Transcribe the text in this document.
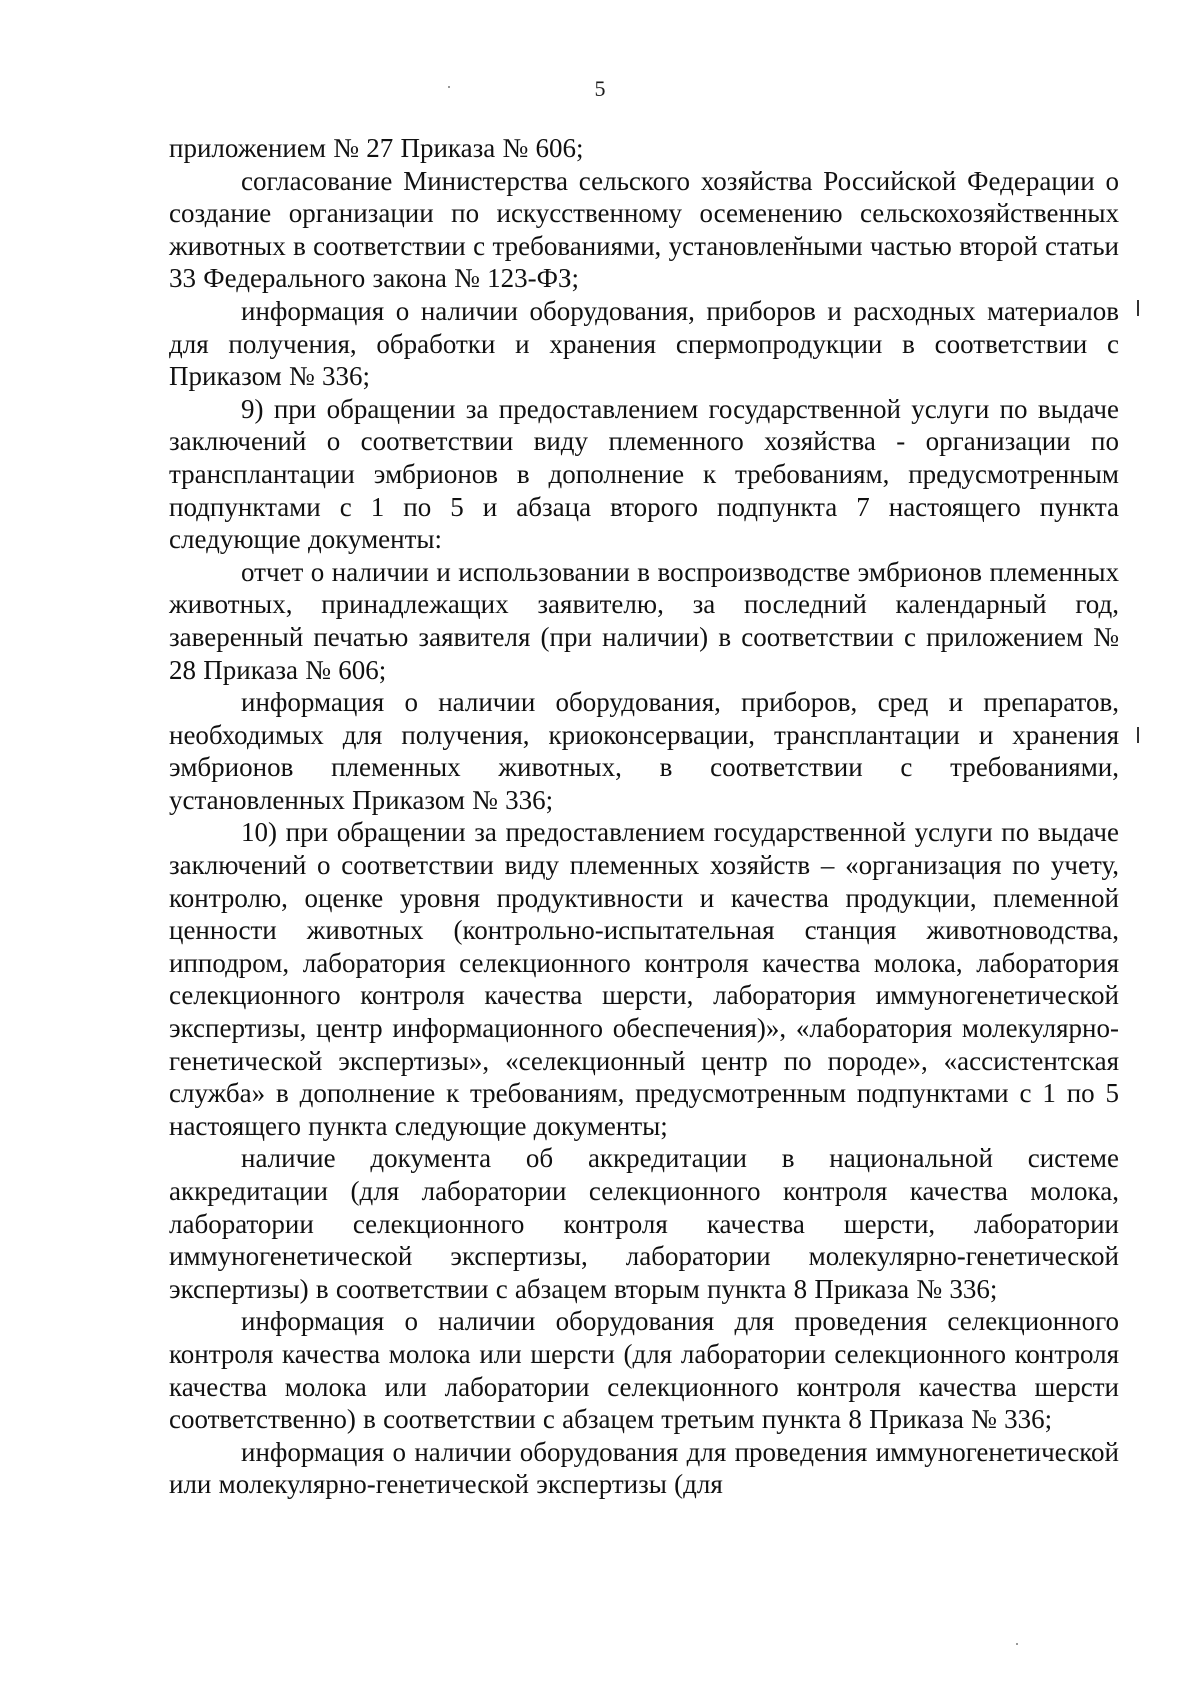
5

приложением № 27 Приказа № 606;

согласование Министерства сельского хозяйства Российской Федерации о создание организации по искусственному осеменению сельскохозяйственных животных в соответствии с требованиями, установлен̆ными частью второй статьи 33 Федерального закона № 123-ФЗ;

информация о наличии оборудования, приборов и расходных материалов для получения, обработки и хранения спермопродукции в соответствии с Приказом № 336;

9) при обращении за предоставлением государственной услуги по выдаче заключений о соответствии виду племенного хозяйства - организации по трансплантации эмбрионов в дополнение к требованиям, предусмотренным подпунктами с 1 по 5 и абзаца второго подпункта 7 настоящего пункта следующие документы:

отчет о наличии и использовании в воспроизводстве эмбрионов племенных животных, принадлежащих заявителю, за последний календарный год, заверенный печатью заявителя (при наличии) в соответствии с приложением № 28 Приказа № 606;

информация о наличии оборудования, приборов, сред и препаратов, необходимых для получения, криоконсервации, трансплантации и хранения эмбрионов племенных животных, в соответствии с требованиями, установленных Приказом № 336;

10) при обращении за предоставлением государственной услуги по выдаче заключений о соответствии виду племенных хозяйств – «организация по учету, контролю, оценке уровня продуктивности и качества продукции, племенной ценности животных (контрольно-испытательная станция животноводства, ипподром, лаборатория селекционного контроля качества молока, лаборатория селекционного контроля качества шерсти, лаборатория иммуногенетической экспертизы, центр информационного обеспечения)», «лаборатория молекулярно-генетической экспертизы», «селекционный центр по породе», «ассистентская служба» в дополнение к требованиям, предусмотренным подпунктами с 1 по 5 настоящего пункта следующие документы;

наличие документа об аккредитации в национальной системе аккредитации (для лаборатории селекционного контроля качества молока, лаборатории селекционного контроля качества шерсти, лаборатории иммуногенетической экспертизы, лаборатории молекулярно-генетической экспертизы) в соответствии с абзацем вторым пункта 8 Приказа № 336;

информация о наличии оборудования для проведения селекционного контроля качества молока или шерсти (для лаборатории селекционного контроля качества молока или лаборатории селекционного контроля качества шерсти соответственно) в соответствии с абзацем третьим пункта 8 Приказа № 336;

информация о наличии оборудования для проведения иммуногенетической или молекулярно-генетической экспертизы (для
